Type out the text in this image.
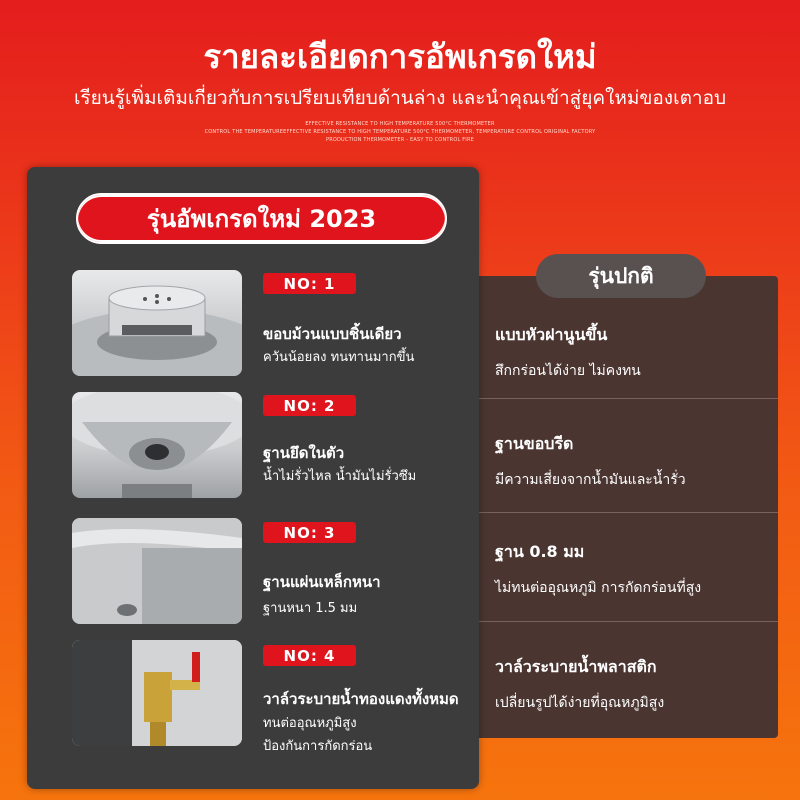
รายละเอียดการอัพเกรดใหม่
เรียนรู้เพิ่มเติมเกี่ยวกับการเปรียบเทียบด้านล่าง และนำคุณเข้าสู่ยุคใหม่ของเตาอบ
EFFECTIVE RESISTANCE TO HIGH TEMPERATURE 500°C THERMOMETER
CONTROL THE TEMPERATUREEFFECTIVE RESISTANCE TO HIGH TEMPERATURE 500°C THERMOMETER, TEMPERATURE CONTROL ORIGINAL FACTORY
PRODUCTION THERMOMETER - EASY TO CONTROL FIRE
รุ่นปกติ
แบบหัวฝานูนขึ้น
สึกกร่อนได้ง่าย ไม่คงทน
ฐานขอบรีด
มีความเสี่ยงจากน้ำมันและน้ำรั่ว
ฐาน 0.8 มม
ไม่ทนต่ออุณหภูมิ การกัดกร่อนที่สูง
วาล์วระบายน้ำพลาสติก
เปลี่ยนรูปได้ง่ายที่อุณหภูมิสูง
รุ่นอัพเกรดใหม่ 2023
NO: 1
ขอบม้วนแบบชิ้นเดียว
ควันน้อยลง ทนทานมากขึ้น
NO: 2
ฐานยึดในตัว
น้ำไม่รั่วไหล น้ำมันไม่รั่วซึม
NO: 3
ฐานแผ่นเหล็กหนา
ฐานหนา 1.5 มม
NO: 4
วาล์วระบายน้ำทองแดงทั้งหมด
ทนต่ออุณหภูมิสูง
ป้องกันการกัดกร่อน
